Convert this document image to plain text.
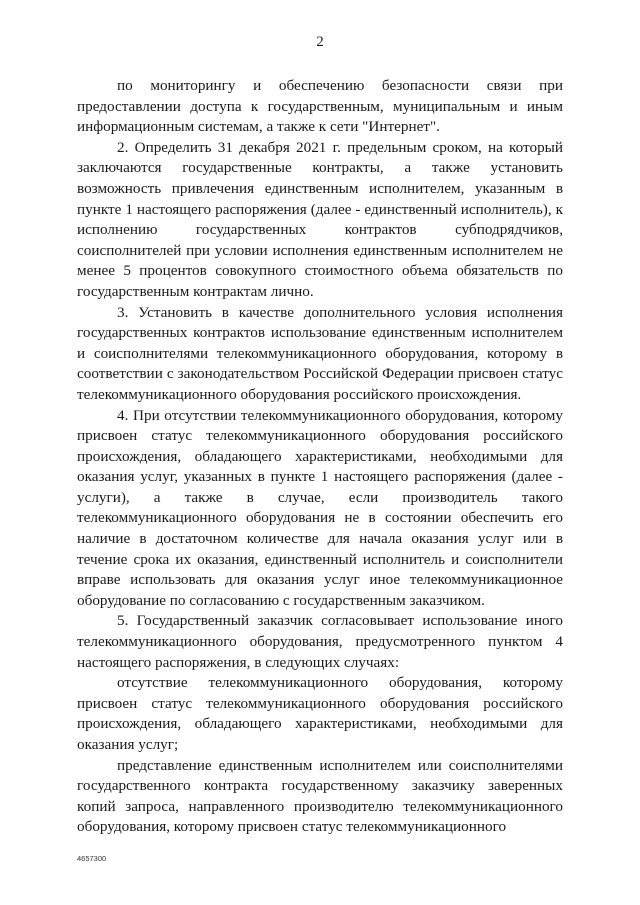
2

по мониторингу и обеспечению безопасности связи при предоставлении доступа к государственным, муниципальным и иным информационным системам, а также к сети "Интернет".

2. Определить 31 декабря 2021 г. предельным сроком, на который заключаются государственные контракты, а также установить возможность привлечения единственным исполнителем, указанным в пункте 1 настоящего распоряжения (далее - единственный исполнитель), к исполнению государственных контрактов субподрядчиков, соисполнителей при условии исполнения единственным исполнителем не менее 5 процентов совокупного стоимостного объема обязательств по государственным контрактам лично.

3. Установить в качестве дополнительного условия исполнения государственных контрактов использование единственным исполнителем и соисполнителями телекоммуникационного оборудования, которому в соответствии с законодательством Российской Федерации присвоен статус телекоммуникационного оборудования российского происхождения.

4. При отсутствии телекоммуникационного оборудования, которому присвоен статус телекоммуникационного оборудования российского происхождения, обладающего характеристиками, необходимыми для оказания услуг, указанных в пункте 1 настоящего распоряжения (далее - услуги), а также в случае, если производитель такого телекоммуникационного оборудования не в состоянии обеспечить его наличие в достаточном количестве для начала оказания услуг или в течение срока их оказания, единственный исполнитель и соисполнители вправе использовать для оказания услуг иное телекоммуникационное оборудование по согласованию с государственным заказчиком.

5. Государственный заказчик согласовывает использование иного телекоммуникационного оборудования, предусмотренного пунктом 4 настоящего распоряжения, в следующих случаях:

отсутствие телекоммуникационного оборудования, которому присвоен статус телекоммуникационного оборудования российского происхождения, обладающего характеристиками, необходимыми для оказания услуг;

представление единственным исполнителем или соисполнителями государственного контракта государственному заказчику заверенных копий запроса, направленного производителю телекоммуникационного оборудования, которому присвоен статус телекоммуникационного

4657300
